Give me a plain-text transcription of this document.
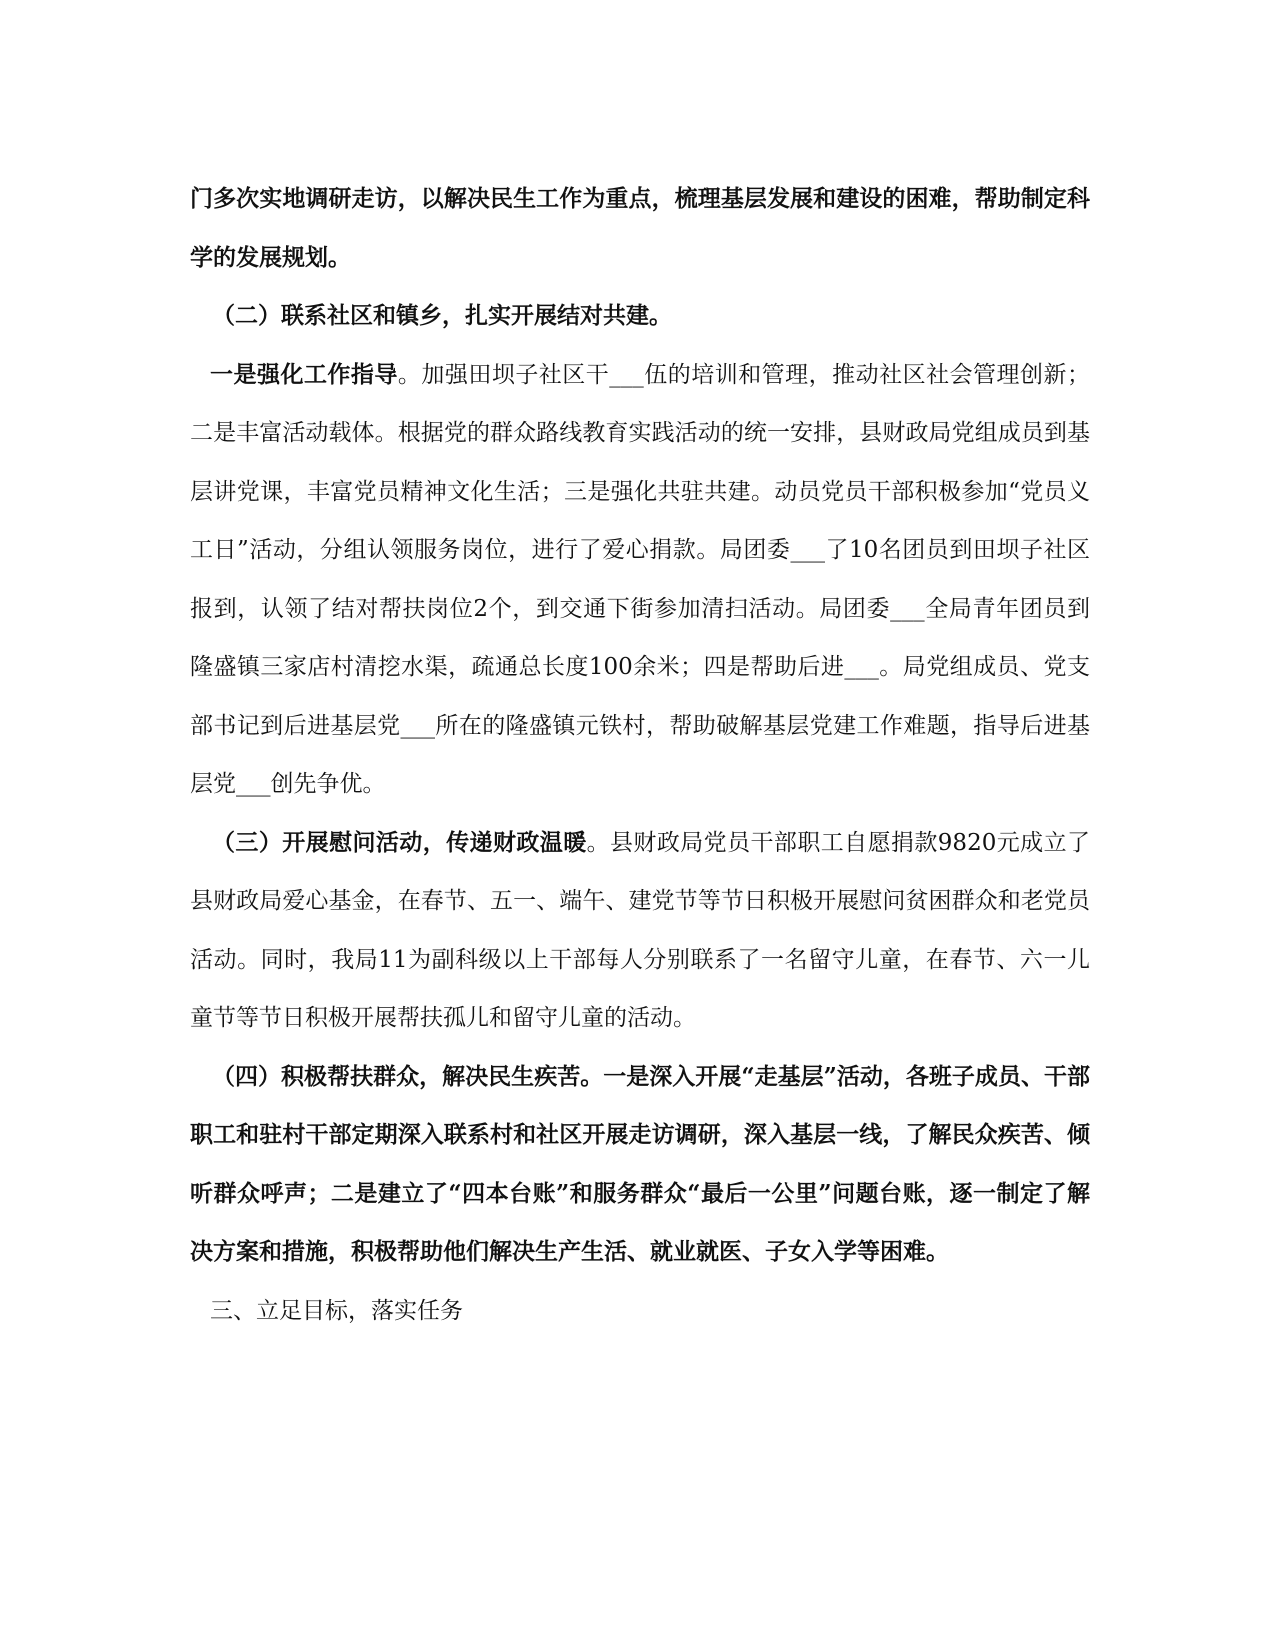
门多次实地调研走访，以解决民生工作为重点，梳理基层发展和建设的困难，帮助制定科学的发展规划。

（二）联系社区和镇乡，扎实开展结对共建。

一是强化工作指导。加强田坝子社区干___伍的培训和管理，推动社区社会管理创新；二是丰富活动载体。根据党的群众路线教育实践活动的统一安排，县财政局党组成员到基层讲党课，丰富党员精神文化生活；三是强化共驻共建。动员党员干部积极参加“党员义工日”活动，分组认领服务岗位，进行了爱心捐款。局团委___了10名团员到田坝子社区报到，认领了结对帮扶岗位2个，到交通下街参加清扫活动。局团委___全局青年团员到隆盛镇三家店村清挖水渠，疏通总长度100余米；四是帮助后进___。局党组成员、党支部书记到后进基层党___所在的隆盛镇元铁村，帮助破解基层党建工作难题，指导后进基层党___创先争优。

（三）开展慰问活动，传递财政温暖。县财政局党员干部职工自愿捐款9820元成立了县财政局爱心基金，在春节、五一、端午、建党节等节日积极开展慰问贫困群众和老党员活动。同时，我局11为副科级以上干部每人分别联系了一名留守儿童，在春节、六一儿童节等节日积极开展帮扶孤儿和留守儿童的活动。

（四）积极帮扶群众，解决民生疾苦。一是深入开展“走基层”活动，各班子成员、干部职工和驻村干部定期深入联系村和社区开展走访调研，深入基层一线，了解民众疾苦、倾听群众呼声；二是建立了“四本台账”和服务群众“最后一公里”问题台账，逐一制定了解决方案和措施，积极帮助他们解决生产生活、就业就医、子女入学等困难。

三、立足目标，落实任务
